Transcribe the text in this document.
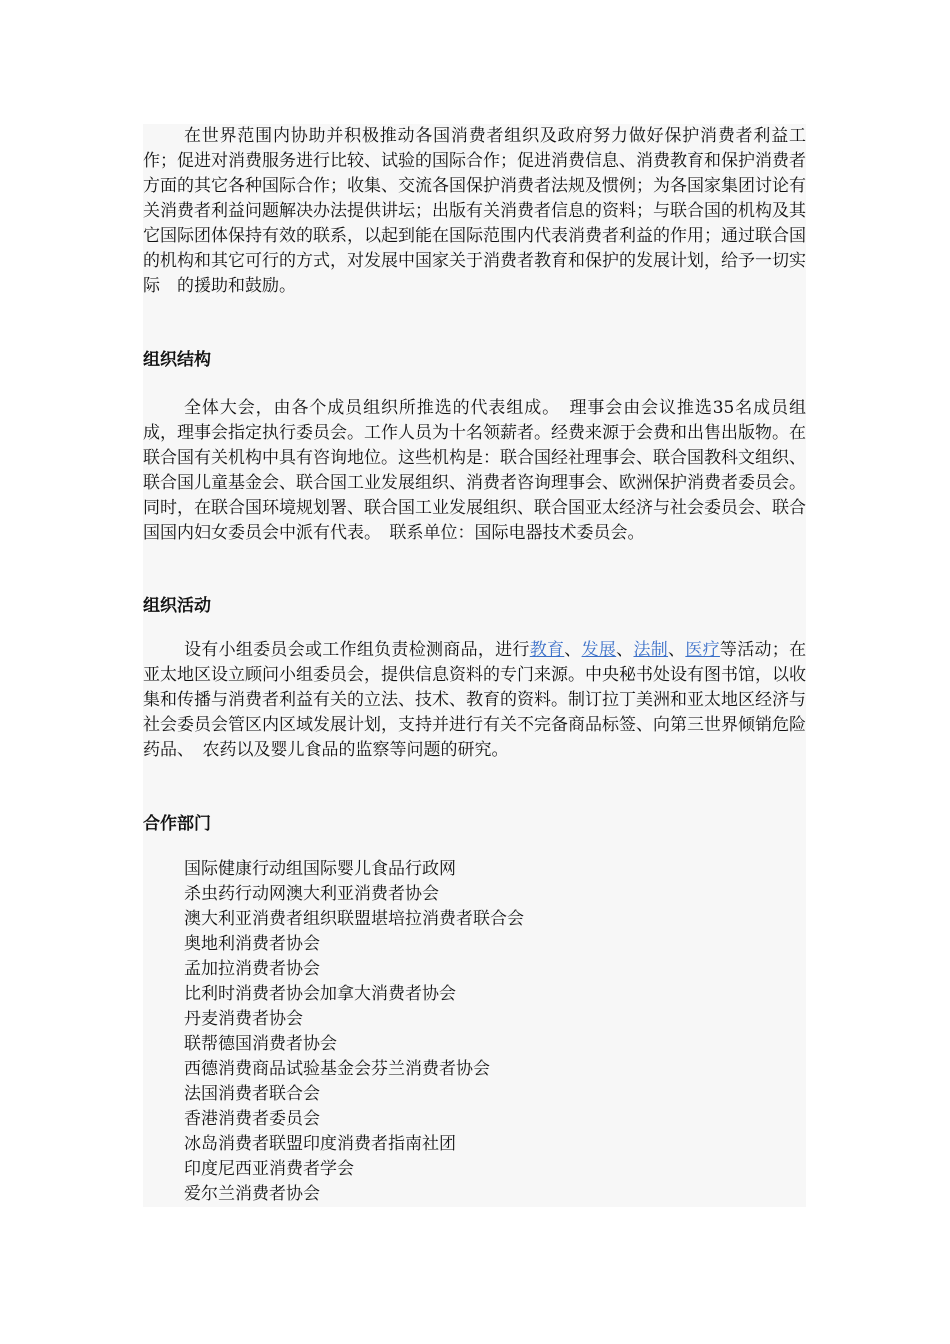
在世界范围内协助并积极推动各国消费者组织及政府努力做好保护消费者利益工作；促进对消费服务进行比较、试验的国际合作；促进消费信息、消费教育和保护消费者方面的其它各种国际合作；收集、交流各国保护消费者法规及惯例；为各国家集团讨论有关消费者利益问题解决办法提供讲坛；出版有关消费者信息的资料；与联合国的机构及其它国际团体保持有效的联系，以起到能在国际范围内代表消费者利益的作用；通过联合国的机构和其它可行的方式，对发展中国家关于消费者教育和保护的发展计划，给予一切实际　的援助和鼓励。

组织结构

全体大会，由各个成员组织所推选的代表组成。　理事会由会议推选35名成员组成，理事会指定执行委员会。工作人员为十名领薪者。经费来源于会费和出售出版物。在联合国有关机构中具有咨询地位。这些机构是：联合国经社理事会、联合国教科文组织、联合国儿童基金会、联合国工业发展组织、消费者咨询理事会、欧洲保护消费者委员会。同时，在联合国环境规划署、联合国工业发展组织、联合国亚太经济与社会委员会、联合国国内妇女委员会中派有代表。　联系单位：国际电器技术委员会。

组织活动

设有小组委员会或工作组负责检测商品，进行教育、发展、法制、医疗等活动；在亚太地区设立顾问小组委员会，提供信息资料的专门来源。中央秘书处设有图书馆，以收集和传播与消费者利益有关的立法、技术、教育的资料。制订拉丁美洲和亚太地区经济与社会委员会管区内区域发展计划，支持并进行有关不完备商品标签、向第三世界倾销危险药品、　农药以及婴儿食品的监察等问题的研究。

合作部门
国际健康行动组国际婴儿食品行政网
杀虫药行动网澳大利亚消费者协会
澳大利亚消费者组织联盟堪培拉消费者联合会
奥地利消费者协会
孟加拉消费者协会
比利时消费者协会加拿大消费者协会
丹麦消费者协会
联帮德国消费者协会
西德消费商品试验基金会芬兰消费者协会
法国消费者联合会
香港消费者委员会
冰岛消费者联盟印度消费者指南社团
印度尼西亚消费者学会
爱尔兰消费者协会
